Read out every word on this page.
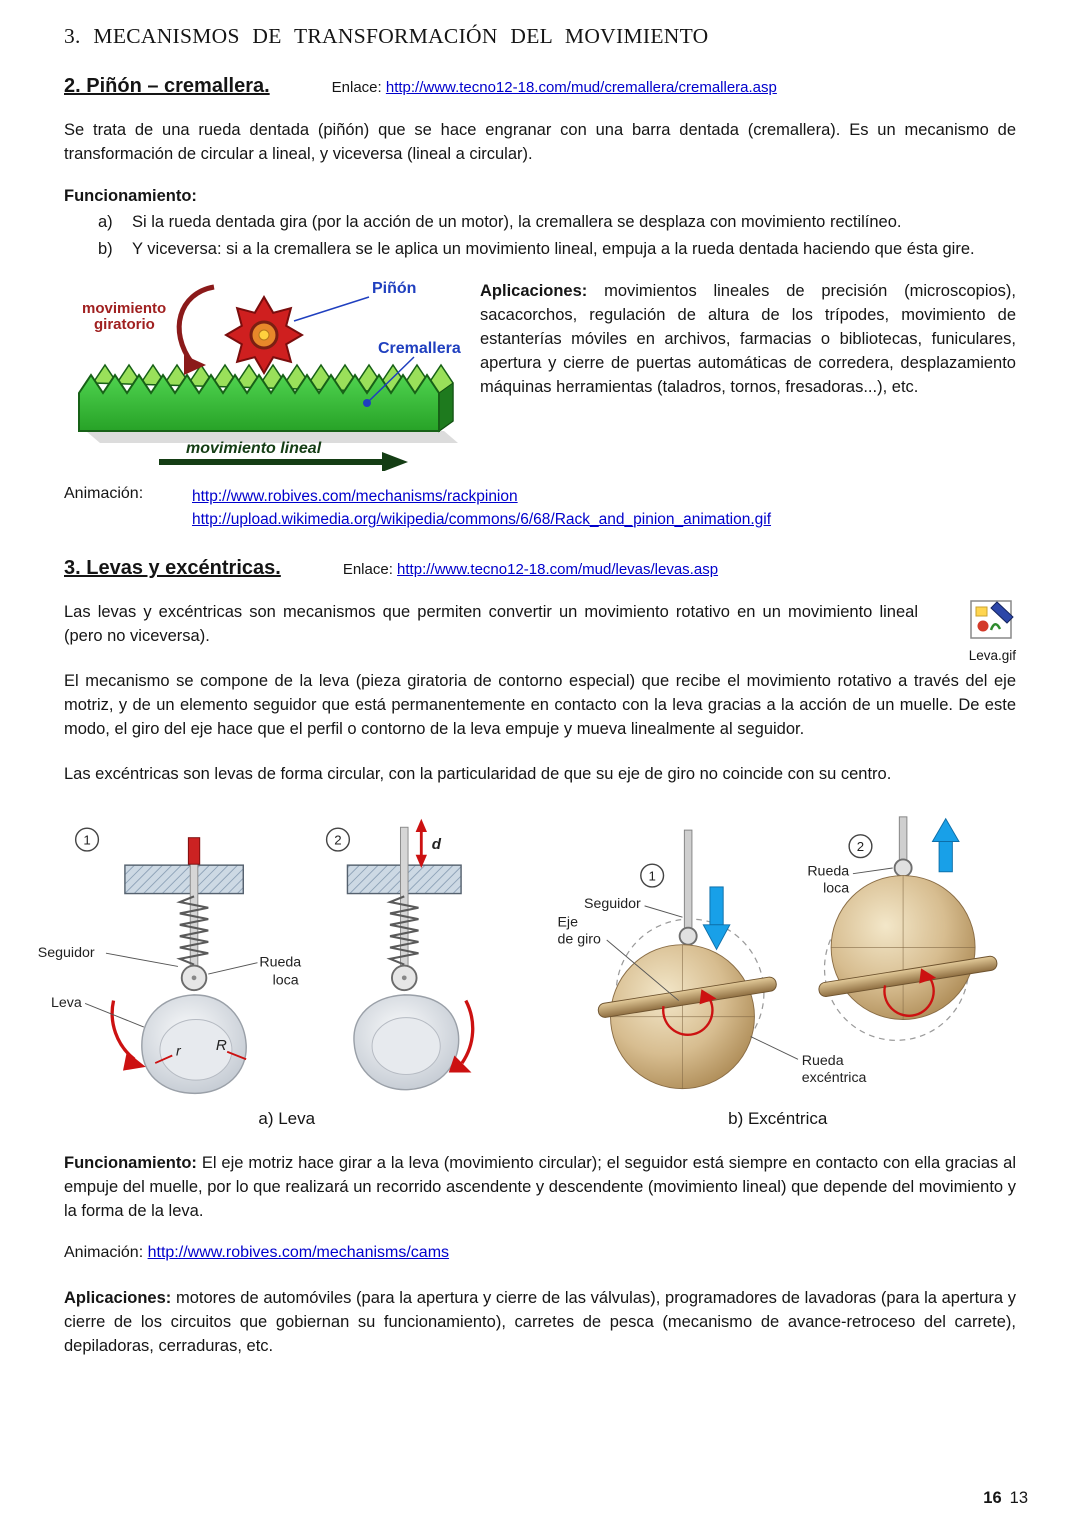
3. MECANISMOS DE TRANSFORMACIÓN DEL MOVIMIENTO
2. Piñón – cremallera.	Enlace: http://www.tecno12-18.com/mud/cremallera/cremallera.asp

Se trata de una rueda dentada (piñón) que se hace engranar con una barra dentada (cremallera). Es un mecanismo de transformación de circular a lineal, y viceversa (lineal a circular).

Funcionamiento:
a)	Si la rueda dentada gira (por la acción de un motor), la cremallera se desplaza con movimiento rectilíneo.
b)	Y viceversa: si a la cremallera se le aplica un movimiento lineal, empuja a la rueda dentada haciendo que ésta gire.
Piñón
Cremallera
movimiento
giratorio
movimiento lineal

Aplicaciones: movimientos lineales de precisión (microscopios), sacacorchos, regulación de altura de los trípodes, movimiento de estanterías móviles en archivos, farmacias o bibliotecas, funiculares, apertura y cierre de puertas automáticas de corredera, desplazamiento máquinas herramientas (taladros, tornos, fresadoras...), etc.

Animación:	http://www.robives.com/mechanisms/rackpinion
http://upload.wikimedia.org/wikipedia/commons/6/68/Rack_and_pinion_animation.gif
3. Levas y excéntricas.	Enlace: http://www.tecno12-18.com/mud/levas/levas.asp
Leva.gif

Las levas y excéntricas son mecanismos que permiten convertir un movimiento rotativo en un movimiento lineal (pero no viceversa).

El mecanismo se compone de la leva (pieza giratoria de contorno especial) que recibe el movimiento rotativo a través del eje motriz, y de un elemento seguidor que está permanentemente en contacto con la leva gracias a la acción de un muelle. De este modo, el giro del eje hace que el perfil o contorno de la leva empuje y mueva linealmente al seguidor.

Las excéntricas son levas de forma circular, con la particularidad de que su eje de giro no coincide con su centro.

1
r R
Seguidor
Leva
Rueda
loca
2	d
1
Seguidor
Eje
de giro
2
Rueda
loca
Rueda
excéntrica
a) Leva	b) Excéntrica

Funcionamiento: El eje motriz hace girar a la leva (movimiento circular); el seguidor está siempre en contacto con ella gracias al empuje del muelle, por lo que realizará un recorrido ascendente y descendente (movimiento lineal) que depende del movimiento y la forma de la leva.

Animación: http://www.robives.com/mechanisms/cams

Aplicaciones: motores de automóviles (para la apertura y cierre de las válvulas), programadores de lavadoras (para la apertura y cierre de los circuitos que gobiernan su funcionamiento), carretes de pesca (mecanismo de avance-retroceso del carrete), depiladoras, cerraduras, etc.

16 13
